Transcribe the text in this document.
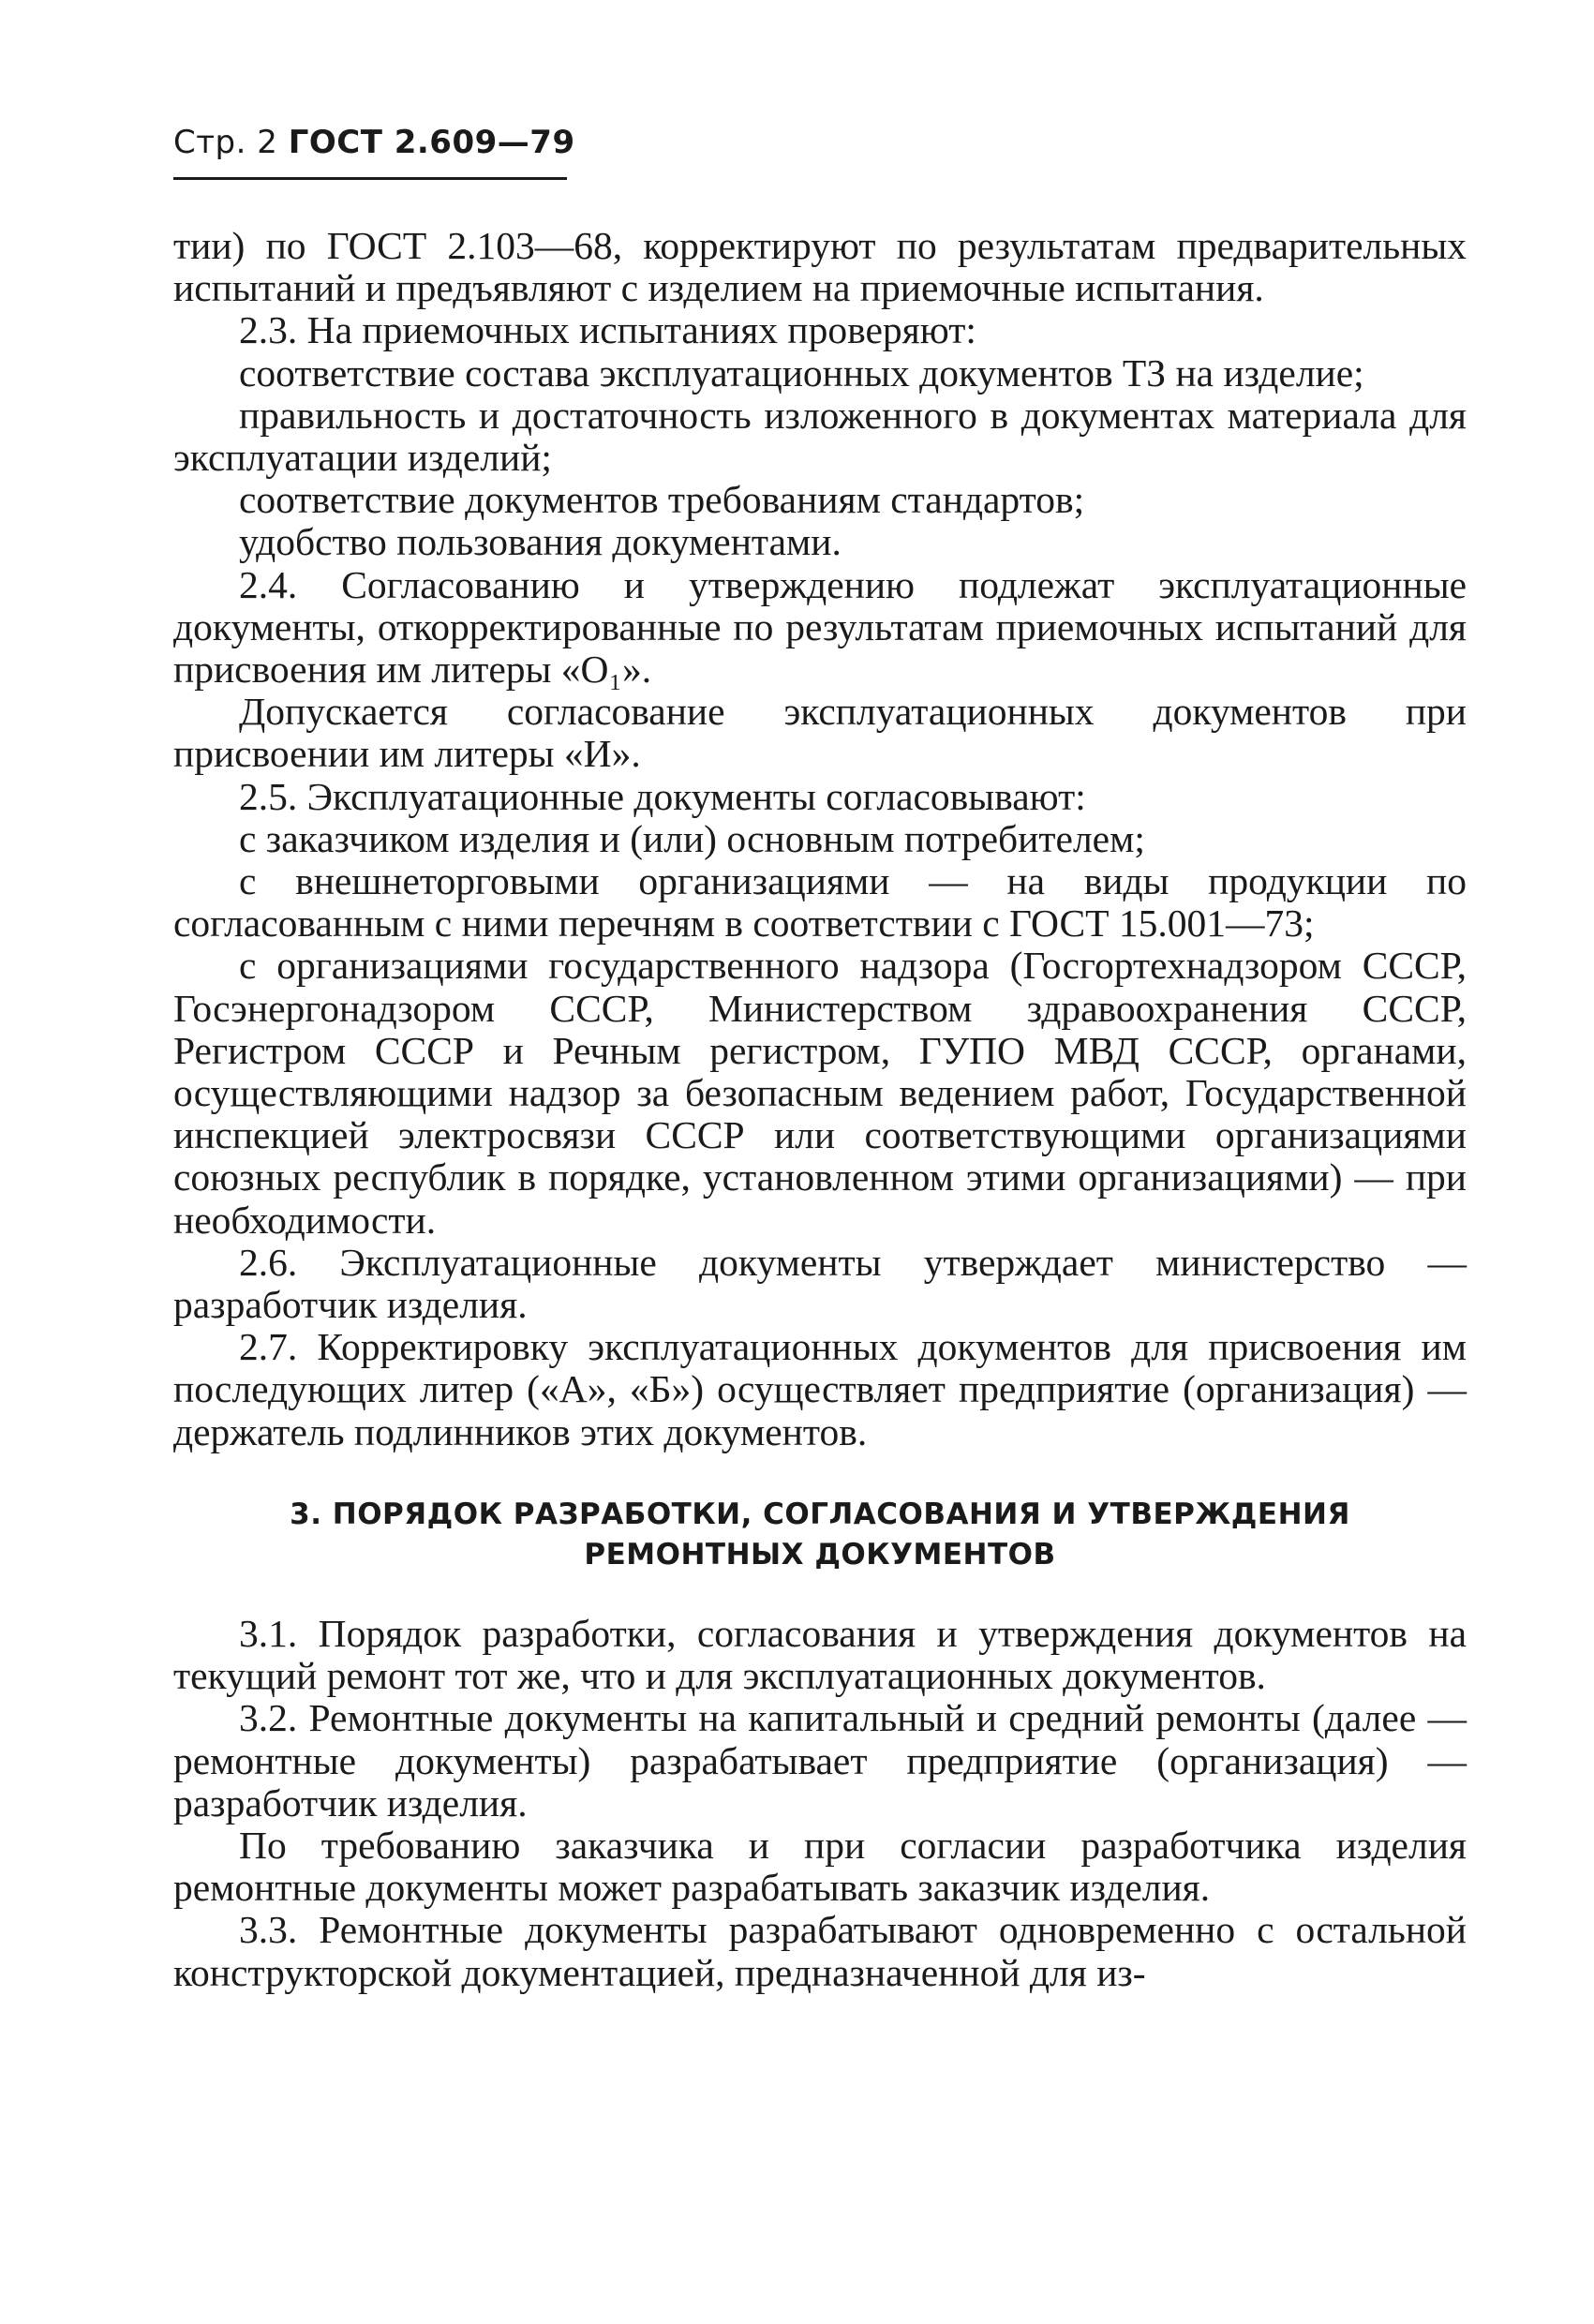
Стр. 2 ГОСТ 2.609—79

тии) по ГОСТ 2.103—68, корректируют по результатам предварительных испытаний и предъявляют с изделием на приемочные испытания.

2.3. На приемочных испытаниях проверяют:

соответствие состава эксплуатационных документов ТЗ на изделие;

правильность и достаточность изложенного в документах материала для эксплуатации изделий;

соответствие документов требованиям стандартов;

удобство пользования документами.

2.4. Согласованию и утверждению подлежат эксплуатационные документы, откорректированные по результатам приемочных испытаний для присвоения им литеры «О₁».

Допускается согласование эксплуатационных документов при присвоении им литеры «И».

2.5. Эксплуатационные документы согласовывают:

с заказчиком изделия и (или) основным потребителем;

с внешнеторговыми организациями — на виды продукции по согласованным с ними перечням в соответствии с ГОСТ 15.001—73;

с организациями государственного надзора (Госгортехнадзором СССР, Госэнергонадзором СССР, Министерством здравоохранения СССР, Регистром СССР и Речным регистром, ГУПО МВД СССР, органами, осуществляющими надзор за безопасным ведением работ, Государственной инспекцией электросвязи СССР или соответствующими организациями союзных республик в порядке, установленном этими организациями) — при необходимости.

2.6. Эксплуатационные документы утверждает министерство — разработчик изделия.

2.7. Корректировку эксплуатационных документов для присвоения им последующих литер («А», «Б») осуществляет предприятие (организация) — держатель подлинников этих документов.

3. ПОРЯДОК РАЗРАБОТКИ, СОГЛАСОВАНИЯ И УТВЕРЖДЕНИЯ
РЕМОНТНЫХ ДОКУМЕНТОВ

3.1. Порядок разработки, согласования и утверждения документов на текущий ремонт тот же, что и для эксплуатационных документов.

3.2. Ремонтные документы на капитальный и средний ремонты (далее — ремонтные документы) разрабатывает предприятие (организация) — разработчик изделия.

По требованию заказчика и при согласии разработчика изделия ремонтные документы может разрабатывать заказчик изделия.

3.3. Ремонтные документы разрабатывают одновременно с остальной конструкторской документацией, предназначенной для из-
